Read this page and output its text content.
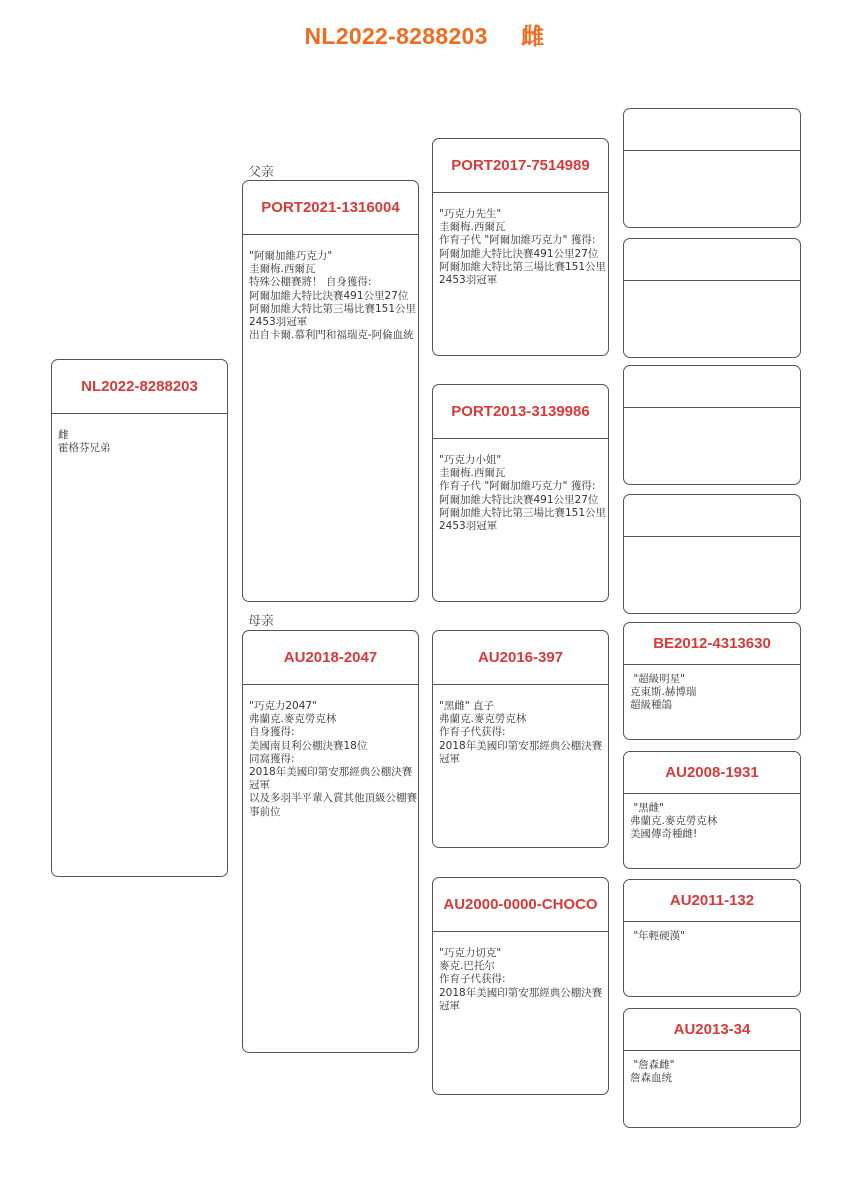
NL2022-8288203     雌
父亲
母亲
NL2022-8288203
雌
霍格芬兄弟
PORT2021-1316004
"阿爾加維巧克力"
圭爾梅.西爾瓦
特殊公棚賽將！ 自身獲得:
阿爾加維大特比決賽491公里27位
阿爾加維大特比第三場比賽151公里2453羽冠軍
出自卡爾.慕利門和福瑞克-阿倫血統
AU2018-2047
"巧克力2047"
弗蘭克.麥克勞克林
自身獲得:
美國南貝利公棚決賽18位
同窩獲得:
2018年美國印第安那經典公棚決賽冠軍
以及多羽半平輩入賞其他頂級公棚賽事前位
PORT2017-7514989
"巧克力先生"
圭爾梅.西爾瓦
作育子代 "阿爾加維巧克力" 獲得:
阿爾加維大特比決賽491公里27位
阿爾加維大特比第三場比賽151公里2453羽冠軍
PORT2013-3139986
"巧克力小姐"
圭爾梅.西爾瓦
作育子代 "阿爾加維巧克力" 獲得:
阿爾加維大特比決賽491公里27位
阿爾加維大特比第三場比賽151公里2453羽冠軍
AU2016-397
"黑雌" 直子
弗蘭克.麥克勞克林
作育子代获得:
2018年美國印第安那經典公棚決賽冠軍
AU2000-0000-CHOCO
"巧克力切克"
麥克.巴托尔
作育子代获得:
2018年美國印第安那經典公棚決賽冠軍
BE2012-4313630
"超級明星"
克東斯.赫博瑞
超級種鴿
AU2008-1931
"黑雌"
弗蘭克.麥克勞克林
美國傳奇種雌!
AU2011-132
"年輕硬漢"
AU2013-34
"詹森雌"
詹森血统
